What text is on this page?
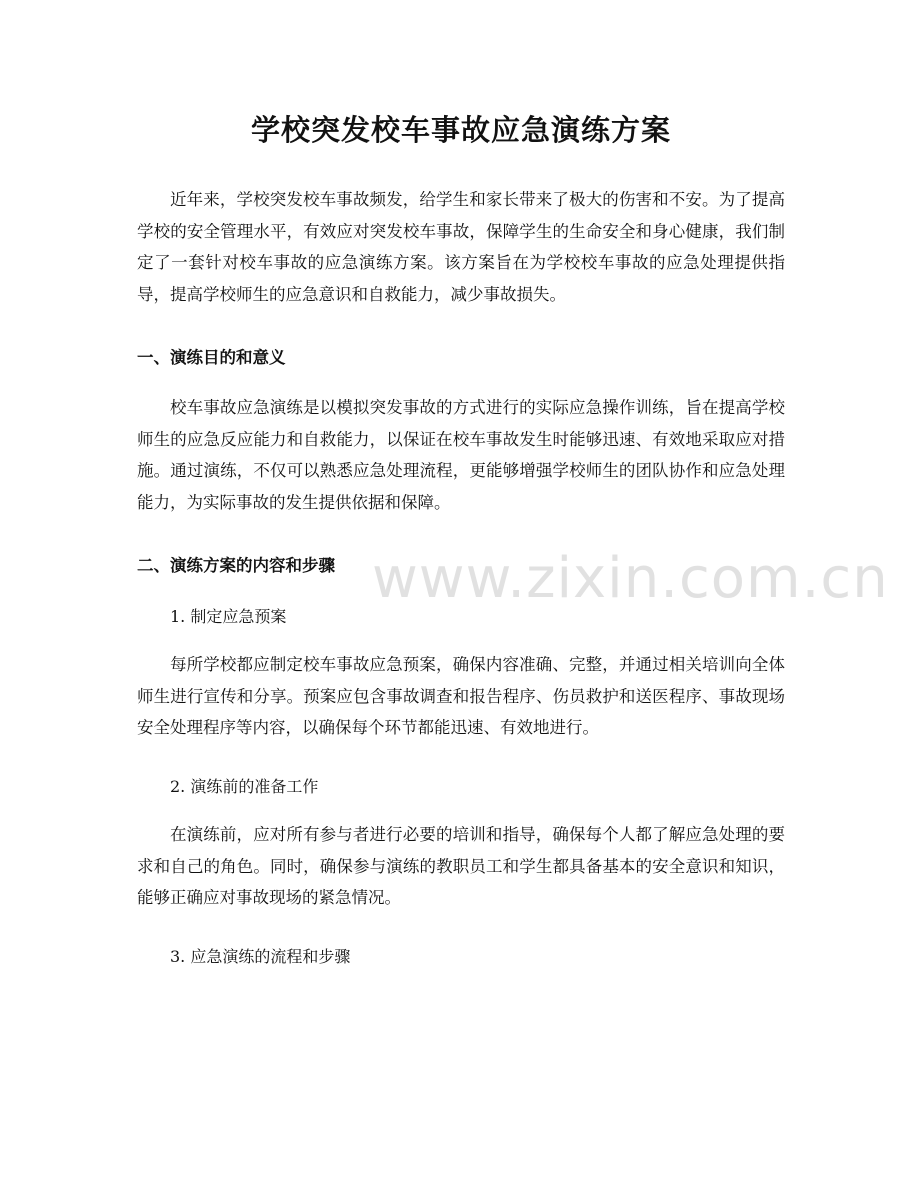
学校突发校车事故应急演练方案

近年来，学校突发校车事故频发，给学生和家长带来了极大的伤害和不安。为了提高学校的安全管理水平，有效应对突发校车事故，保障学生的生命安全和身心健康，我们制定了一套针对校车事故的应急演练方案。该方案旨在为学校校车事故的应急处理提供指导，提高学校师生的应急意识和自救能力，减少事故损失。

一、演练目的和意义

校车事故应急演练是以模拟突发事故的方式进行的实际应急操作训练，旨在提高学校师生的应急反应能力和自救能力，以保证在校车事故发生时能够迅速、有效地采取应对措施。通过演练，不仅可以熟悉应急处理流程，更能够增强学校师生的团队协作和应急处理能力，为实际事故的发生提供依据和保障。

二、演练方案的内容和步骤

1. 制定应急预案

每所学校都应制定校车事故应急预案，确保内容准确、完整，并通过相关培训向全体师生进行宣传和分享。预案应包含事故调查和报告程序、伤员救护和送医程序、事故现场安全处理程序等内容，以确保每个环节都能迅速、有效地进行。

2. 演练前的准备工作

在演练前，应对所有参与者进行必要的培训和指导，确保每个人都了解应急处理的要求和自己的角色。同时，确保参与演练的教职员工和学生都具备基本的安全意识和知识，能够正确应对事故现场的紧急情况。

3. 应急演练的流程和步骤

www.zixin.com.cn
